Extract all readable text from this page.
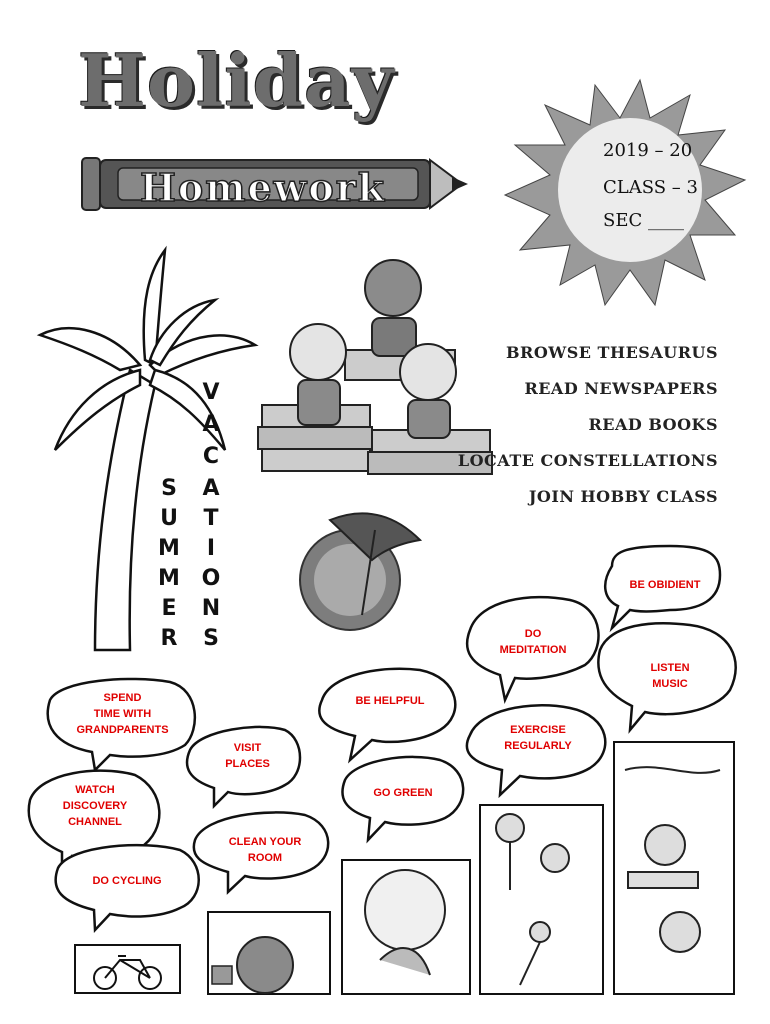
Holiday
Homework
2019 – 20
CLASS – 3
SEC ____
BROWSE THESAURUS
READ NEWSPAPERS
READ BOOKS
LOCATE CONSTELLATIONS
JOIN HOBBY CLASS
S
U
M
M
E
R
V
A
C
A
T
I
O
N
S
BE OBIDIENT
DO
MEDITATION
LISTEN
MUSIC
SPEND
TIME WITH
GRANDPARENTS
BE HELPFUL
EXERCISE
REGULARLY
VISIT
PLACES
WATCH
DISCOVERY
CHANNEL
GO GREEN
CLEAN YOUR
ROOM
DO CYCLING
